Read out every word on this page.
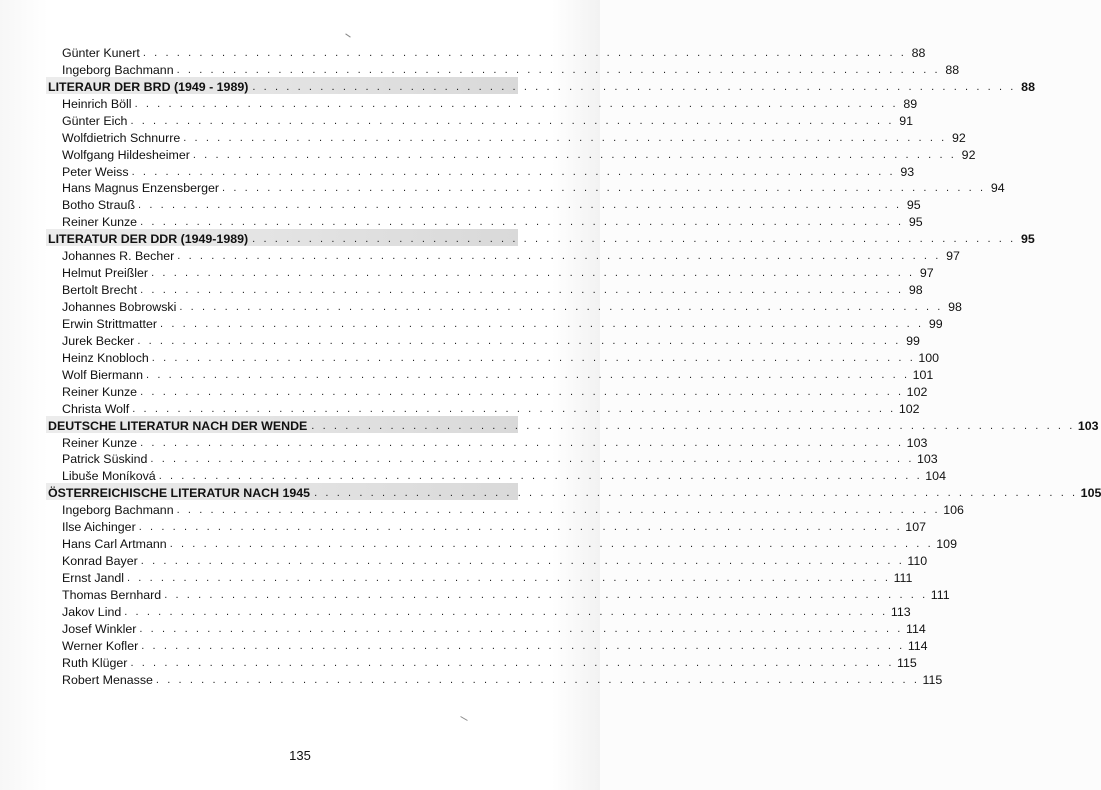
Günter Kunert . . . . . . . . . . . . . . . . . . . . . . . . . . . . . . . . . . . . . . . . . . . . . . . . . . . . . . . . . . . . . . . . . . . . 88
Ingeborg Bachmann . . . . . . . . . . . . . . . . . . . . . . . . . . . . . . . . . . . . . . . . . . . . . . . . . . . . . . . . . . . . . . . . . . . . 88
LITERAUR DER BRD (1949 - 1989) . . . . . . . . . . . . . . . . . . . . . . . . . . . . . . . . . . . . . . . . . . . . . . . . . . . . . . . . . . . . . . . . . . . . 88
Heinrich Böll . . . . . . . . . . . . . . . . . . . . . . . . . . . . . . . . . . . . . . . . . . . . . . . . . . . . . . . . . . . . . . . . . . . . 89
Günter Eich . . . . . . . . . . . . . . . . . . . . . . . . . . . . . . . . . . . . . . . . . . . . . . . . . . . . . . . . . . . . . . . . . . . . 91
Wolfdietrich Schnurre . . . . . . . . . . . . . . . . . . . . . . . . . . . . . . . . . . . . . . . . . . . . . . . . . . . . . . . . . . . . . . . . . . . . 92
Wolfgang Hildesheimer . . . . . . . . . . . . . . . . . . . . . . . . . . . . . . . . . . . . . . . . . . . . . . . . . . . . . . . . . . . . . . . . . . . . 92
Peter Weiss . . . . . . . . . . . . . . . . . . . . . . . . . . . . . . . . . . . . . . . . . . . . . . . . . . . . . . . . . . . . . . . . . . . . 93
Hans Magnus Enzensberger . . . . . . . . . . . . . . . . . . . . . . . . . . . . . . . . . . . . . . . . . . . . . . . . . . . . . . . . . . . . . . . . . . . . 94
Botho Strauß . . . . . . . . . . . . . . . . . . . . . . . . . . . . . . . . . . . . . . . . . . . . . . . . . . . . . . . . . . . . . . . . . . . . 95
Reiner Kunze . . . . . . . . . . . . . . . . . . . . . . . . . . . . . . . . . . . . . . . . . . . . . . . . . . . . . . . . . . . . . . . . . . . . 95
LITERATUR DER DDR (1949-1989) . . . . . . . . . . . . . . . . . . . . . . . . . . . . . . . . . . . . . . . . . . . . . . . . . . . . . . . . . . . . . . . . . . . . 95
Johannes R. Becher . . . . . . . . . . . . . . . . . . . . . . . . . . . . . . . . . . . . . . . . . . . . . . . . . . . . . . . . . . . . . . . . . . . . 97
Helmut Preißler . . . . . . . . . . . . . . . . . . . . . . . . . . . . . . . . . . . . . . . . . . . . . . . . . . . . . . . . . . . . . . . . . . . . 97
Bertolt Brecht . . . . . . . . . . . . . . . . . . . . . . . . . . . . . . . . . . . . . . . . . . . . . . . . . . . . . . . . . . . . . . . . . . . . 98
Johannes Bobrowski . . . . . . . . . . . . . . . . . . . . . . . . . . . . . . . . . . . . . . . . . . . . . . . . . . . . . . . . . . . . . . . . . . . . 98
Erwin Strittmatter . . . . . . . . . . . . . . . . . . . . . . . . . . . . . . . . . . . . . . . . . . . . . . . . . . . . . . . . . . . . . . . . . . . . 99
Jurek Becker . . . . . . . . . . . . . . . . . . . . . . . . . . . . . . . . . . . . . . . . . . . . . . . . . . . . . . . . . . . . . . . . . . . . 99
Heinz Knobloch . . . . . . . . . . . . . . . . . . . . . . . . . . . . . . . . . . . . . . . . . . . . . . . . . . . . . . . . . . . . . . . . . . . . 100
Wolf Biermann . . . . . . . . . . . . . . . . . . . . . . . . . . . . . . . . . . . . . . . . . . . . . . . . . . . . . . . . . . . . . . . . . . . . 101
Reiner Kunze . . . . . . . . . . . . . . . . . . . . . . . . . . . . . . . . . . . . . . . . . . . . . . . . . . . . . . . . . . . . . . . . . . . . 102
Christa Wolf . . . . . . . . . . . . . . . . . . . . . . . . . . . . . . . . . . . . . . . . . . . . . . . . . . . . . . . . . . . . . . . . . . . . 102
DEUTSCHE LITERATUR NACH DER WENDE . . . . . . . . . . . . . . . . . . . . . . . . . . . . . . . . . . . . . . . . . . . . . . . . . . . . . . . . . . . . . . . . . . . . 103
Reiner Kunze . . . . . . . . . . . . . . . . . . . . . . . . . . . . . . . . . . . . . . . . . . . . . . . . . . . . . . . . . . . . . . . . . . . . 103
Patrick Süskind . . . . . . . . . . . . . . . . . . . . . . . . . . . . . . . . . . . . . . . . . . . . . . . . . . . . . . . . . . . . . . . . . . . . 103
Libuše Moníková . . . . . . . . . . . . . . . . . . . . . . . . . . . . . . . . . . . . . . . . . . . . . . . . . . . . . . . . . . . . . . . . . . . . 104
ÖSTERREICHISCHE LITERATUR NACH 1945 . . . . . . . . . . . . . . . . . . . . . . . . . . . . . . . . . . . . . . . . . . . . . . . . . . . . . . . . . . . . . . . . . . . . 105
Ingeborg Bachmann . . . . . . . . . . . . . . . . . . . . . . . . . . . . . . . . . . . . . . . . . . . . . . . . . . . . . . . . . . . . . . . . . . . . 106
Ilse Aichinger . . . . . . . . . . . . . . . . . . . . . . . . . . . . . . . . . . . . . . . . . . . . . . . . . . . . . . . . . . . . . . . . . . . . 107
Hans Carl Artmann . . . . . . . . . . . . . . . . . . . . . . . . . . . . . . . . . . . . . . . . . . . . . . . . . . . . . . . . . . . . . . . . . . . . 109
Konrad Bayer . . . . . . . . . . . . . . . . . . . . . . . . . . . . . . . . . . . . . . . . . . . . . . . . . . . . . . . . . . . . . . . . . . . . 110
Ernst Jandl . . . . . . . . . . . . . . . . . . . . . . . . . . . . . . . . . . . . . . . . . . . . . . . . . . . . . . . . . . . . . . . . . . . . 111
Thomas Bernhard . . . . . . . . . . . . . . . . . . . . . . . . . . . . . . . . . . . . . . . . . . . . . . . . . . . . . . . . . . . . . . . . . . . . 111
Jakov Lind . . . . . . . . . . . . . . . . . . . . . . . . . . . . . . . . . . . . . . . . . . . . . . . . . . . . . . . . . . . . . . . . . . . . 113
Josef Winkler . . . . . . . . . . . . . . . . . . . . . . . . . . . . . . . . . . . . . . . . . . . . . . . . . . . . . . . . . . . . . . . . . . . . 114
Werner Kofler . . . . . . . . . . . . . . . . . . . . . . . . . . . . . . . . . . . . . . . . . . . . . . . . . . . . . . . . . . . . . . . . . . . . 114
Ruth Klüger . . . . . . . . . . . . . . . . . . . . . . . . . . . . . . . . . . . . . . . . . . . . . . . . . . . . . . . . . . . . . . . . . . . . 115
Robert Menasse . . . . . . . . . . . . . . . . . . . . . . . . . . . . . . . . . . . . . . . . . . . . . . . . . . . . . . . . . . . . . . . . . . . . 115
135
